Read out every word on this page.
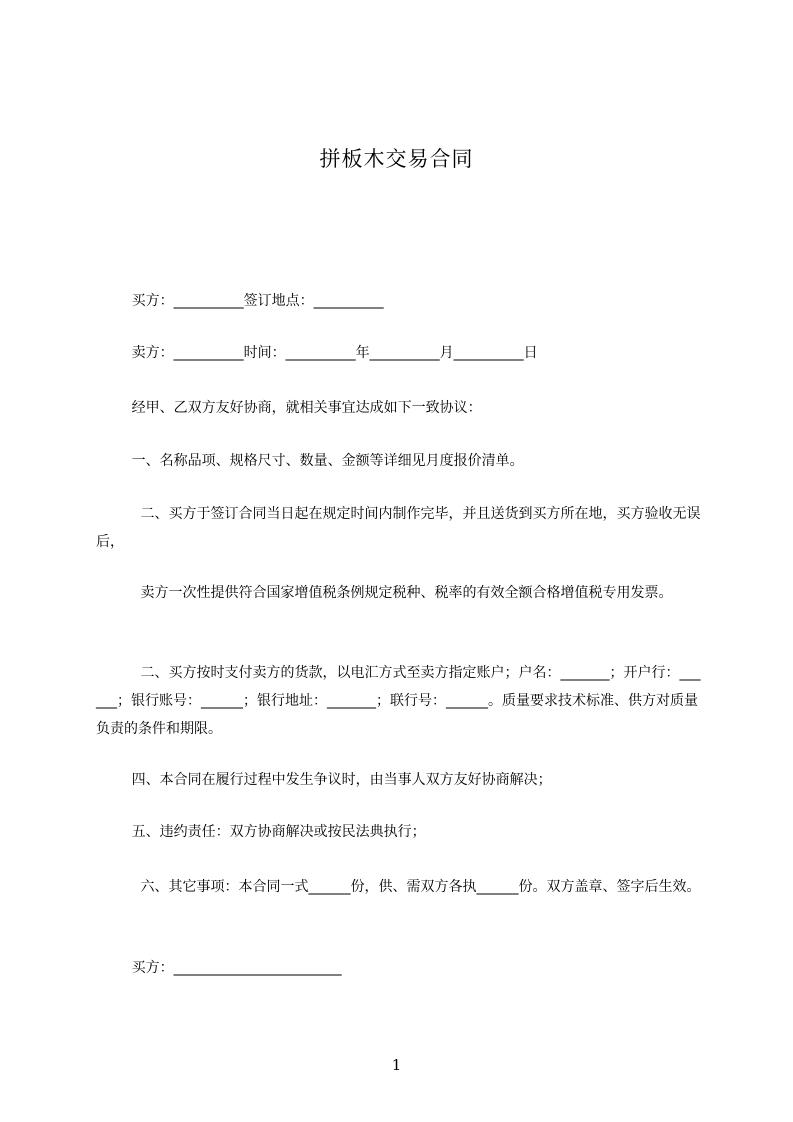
拼板木交易合同
买方：__________签订地点：__________
卖方：__________时间：__________年__________月__________日
经甲、乙双方友好协商，就相关事宜达成如下一致协议：
一、名称品项、规格尺寸、数量、金额等详细见月度报价清单。
二、买方于签订合同当日起在规定时间内制作完毕，并且送货到买方所在地，买方验收无误后，
卖方一次性提供符合国家增值税条例规定税种、税率的有效全额合格增值税专用发票。
二、买方按时支付卖方的货款，以电汇方式至卖方指定账户；户名：_______；开户行：______；银行账号：______；银行地址：_______；联行号：______。质量要求技术标准、供方对质量负责的条件和期限。
四、本合同在履行过程中发生争议时，由当事人双方友好协商解决；
五、违约责任：双方协商解决或按民法典执行；
六、其它事项：本合同一式______份，供、需双方各执______份。双方盖章、签字后生效。
买方：________________________
1
